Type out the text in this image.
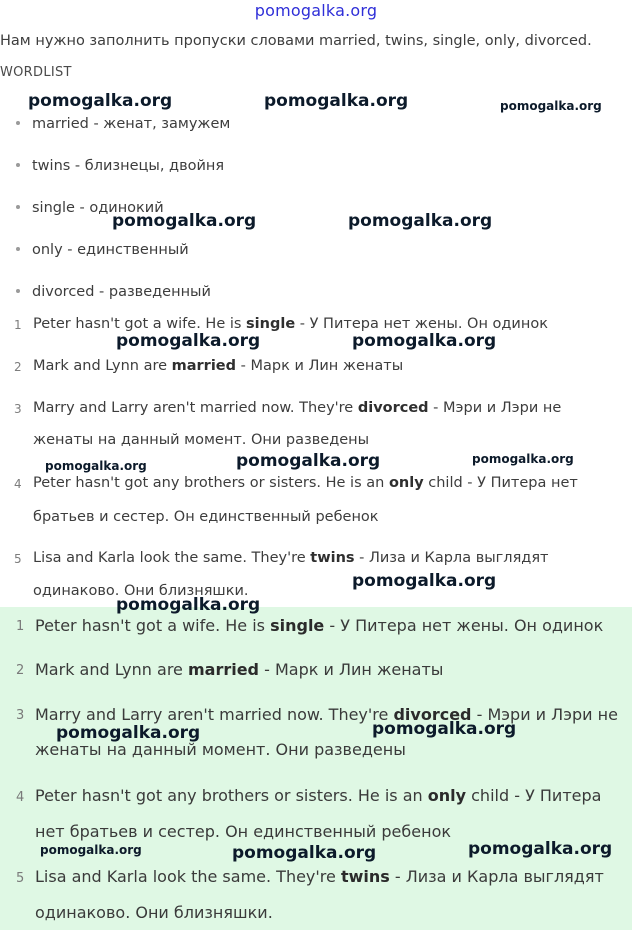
pomogalka.org
Нам нужно заполнить пропуски словами married, twins, single, only, divorced.
WORDLIST
married - женат, замужем
twins - близнецы, двойня
single - одинокий
only - единственный
divorced - разведенный
1 Peter hasn't got a wife. He is single - У Питера нет жены. Он одинок
2 Mark and Lynn are married - Марк и Лин женаты
3 Marry and Larry aren't married now. They're divorced - Мэри и Лэри не
женаты на данный момент. Они разведены
4 Peter hasn't got any brothers or sisters. He is an only child - У Питера нет
братьев и сестер. Он единственный ребенок
5 Lisa and Karla look the same. They're twins - Лиза и Карла выглядят
одинаково. Они близняшки.
1 Peter hasn't got a wife. He is single - У Питера нет жены. Он одинок
2 Mark and Lynn are married - Марк и Лин женаты
3 Marry and Larry aren't married now. They're divorced - Мэри и Лэри не
женаты на данный момент. Они разведены
4 Peter hasn't got any brothers or sisters. He is an only child - У Питера
нет братьев и сестер. Он единственный ребенок
5 Lisa and Karla look the same. They're twins - Лиза и Карла выглядят
одинаково. Они близняшки.
pomogalka.org	pomogalka.org	pomogalka.org
pomogalka.org	pomogalka.org
pomogalka.org	pomogalka.org
pomogalka.org	pomogalka.org	pomogalka.org
pomogalka.org
pomogalka.org
pomogalka.org	pomogalka.org
pomogalka.org	pomogalka.org	pomogalka.org
